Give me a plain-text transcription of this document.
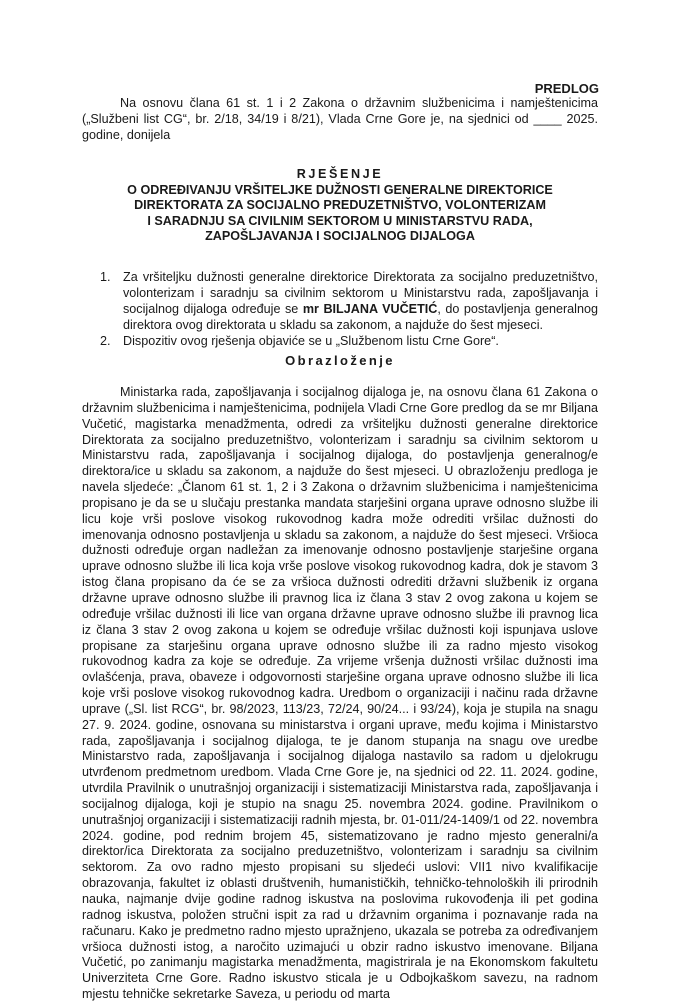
PREDLOG

Na osnovu člana 61 st. 1 i 2 Zakona o državnim službenicima i namještenicima („Službeni list CG“, br. 2/18, 34/19 i 8/21), Vlada Crne Gore je, na sjednici od ____ 2025. godine, donijela

RJEŠENJE
O ODREĐIVANJU VRŠITELJKE DUŽNOSTI GENERALNE DIREKTORICE
DIREKTORATA ZA SOCIJALNO PREDUZETNIŠTVO, VOLONTERIZAM
I SARADNJU SA CIVILNIM SEKTOROM U MINISTARSTVU RADA,
ZAPOŠLJAVANJA I SOCIJALNOG DIJALOGA
1. Za vršiteljku dužnosti generalne direktorice Direktorata za socijalno preduzetništvo, volonterizam i saradnju sa civilnim sektorom u Ministarstvu rada, zapošljavanja i socijalnog dijaloga određuje se mr BILJANA VUČETIĆ, do postavljenja generalnog direktora ovog direktorata u skladu sa zakonom, a najduže do šest mjeseci.
2. Dispozitiv ovog rješenja objaviće se u „Službenom listu Crne Gore“.
Obrazloženje

Ministarka rada, zapošljavanja i socijalnog dijaloga je, na osnovu člana 61 Zakona o državnim službenicima i namještenicima, podnijela Vladi Crne Gore predlog da se mr Biljana Vučetić, magistarka menadžmenta, odredi za vršiteljku dužnosti generalne direktorice Direktorata za socijalno preduzetništvo, volonterizam i saradnju sa civilnim sektorom u Ministarstvu rada, zapošljavanja i socijalnog dijaloga, do postavljenja generalnog/e direktora/ice u skladu sa zakonom, a najduže do šest mjeseci. U obrazloženju predloga je navela sljedeće: „Članom 61 st. 1, 2 i 3 Zakona o državnim službenicima i namještenicima propisano je da se u slučaju prestanka mandata starješini organa uprave odnosno službe ili licu koje vrši poslove visokog rukovodnog kadra može odrediti vršilac dužnosti do imenovanja odnosno postavljenja u skladu sa zakonom, a najduže do šest mjeseci. Vršioca dužnosti određuje organ nadležan za imenovanje odnosno postavljenje starješine organa uprave odnosno službe ili lica koja vrše poslove visokog rukovodnog kadra, dok je stavom 3 istog člana propisano da će se za vršioca dužnosti odrediti državni službenik iz organa državne uprave odnosno službe ili pravnog lica iz člana 3 stav 2 ovog zakona u kojem se određuje vršilac dužnosti ili lice van organa državne uprave odnosno službe ili pravnog lica iz člana 3 stav 2 ovog zakona u kojem se određuje vršilac dužnosti koji ispunjava uslove propisane za starješinu organa uprave odnosno službe ili za radno mjesto visokog rukovodnog kadra za koje se određuje. Za vrijeme vršenja dužnosti vršilac dužnosti ima ovlašćenja, prava, obaveze i odgovornosti starješine organa uprave odnosno službe ili lica koje vrši poslove visokog rukovodnog kadra. Uredbom o organizaciji i načinu rada državne uprave („Sl. list RCG“, br. 98/2023, 113/23, 72/24, 90/24... i 93/24), koja je stupila na snagu 27. 9. 2024. godine, osnovana su ministarstva i organi uprave, među kojima i Ministarstvo rada, zapošljavanja i socijalnog dijaloga, te je danom stupanja na snagu ove uredbe Ministarstvo rada, zapošljavanja i socijalnog dijaloga nastavilo sa radom u djelokrugu utvrđenom predmetnom uredbom. Vlada Crne Gore je, na sjednici od 22. 11. 2024. godine, utvrdila Pravilnik o unutrašnjoj organizaciji i sistematizaciji Ministarstva rada, zapošljavanja i socijalnog dijaloga, koji je stupio na snagu 25. novembra 2024. godine. Pravilnikom o unutrašnjoj organizaciji i sistematizaciji radnih mjesta, br. 01-011/24-1409/1 od 22. novembra 2024. godine, pod rednim brojem 45, sistematizovano je radno mjesto generalni/a direktor/ica Direktorata za socijalno preduzetništvo, volonterizam i saradnju sa civilnim sektorom. Za ovo radno mjesto propisani su sljedeći uslovi: VII1 nivo kvalifikacije obrazovanja, fakultet iz oblasti društvenih, humanističkih, tehničko-tehnoloških ili prirodnih nauka, najmanje dvije godine radnog iskustva na poslovima rukovođenja ili pet godina radnog iskustva, položen stručni ispit za rad u državnim organima i poznavanje rada na računaru. Kako je predmetno radno mjesto upražnjeno, ukazala se potreba za određivanjem vršioca dužnosti istog, a naročito uzimajući u obzir radno iskustvo imenovane. Biljana Vučetić, po zanimanju magistarka menadžmenta, magistrirala je na Ekonomskom fakultetu Univerziteta Crne Gore. Radno iskustvo sticala je u Odbojkaškom savezu, na radnom mjestu tehničke sekretarke Saveza, u periodu od marta
